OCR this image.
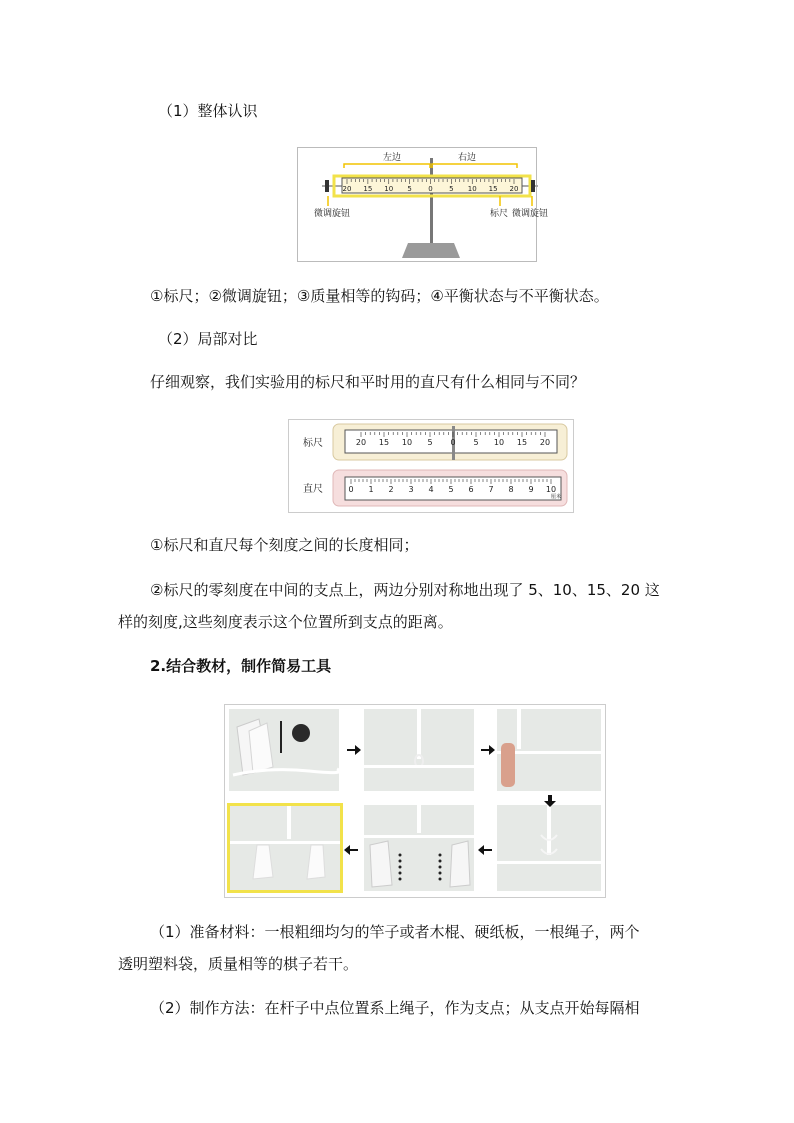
（1）整体认识
左边	右边
20 15 10 5 0 5 10 15 20
微调旋钮	标尺 微调旋钮
①标尺；②微调旋钮；③质量相等的钩码；④平衡状态与不平衡状态。
（2）局部对比
仔细观察，我们实验用的标尺和平时用的直尺有什么相同与不同？
标尺
直尺
20 15 10 5 0 5 10 15 20
0 1 2 3 4 5 6 7 8 9 10
厘米
①标尺和直尺每个刻度之间的长度相同；
②标尺的零刻度在中间的支点上，两边分别对称地出现了 5、10、15、20 这
样的刻度,这些刻度表示这个位置所到支点的距离。
2.结合教材，制作简易工具
（1）准备材料：一根粗细均匀的竿子或者木棍、硬纸板，一根绳子，两个
透明塑料袋，质量相等的棋子若干。
（2）制作方法：在杆子中点位置系上绳子，作为支点；从支点开始每隔相
